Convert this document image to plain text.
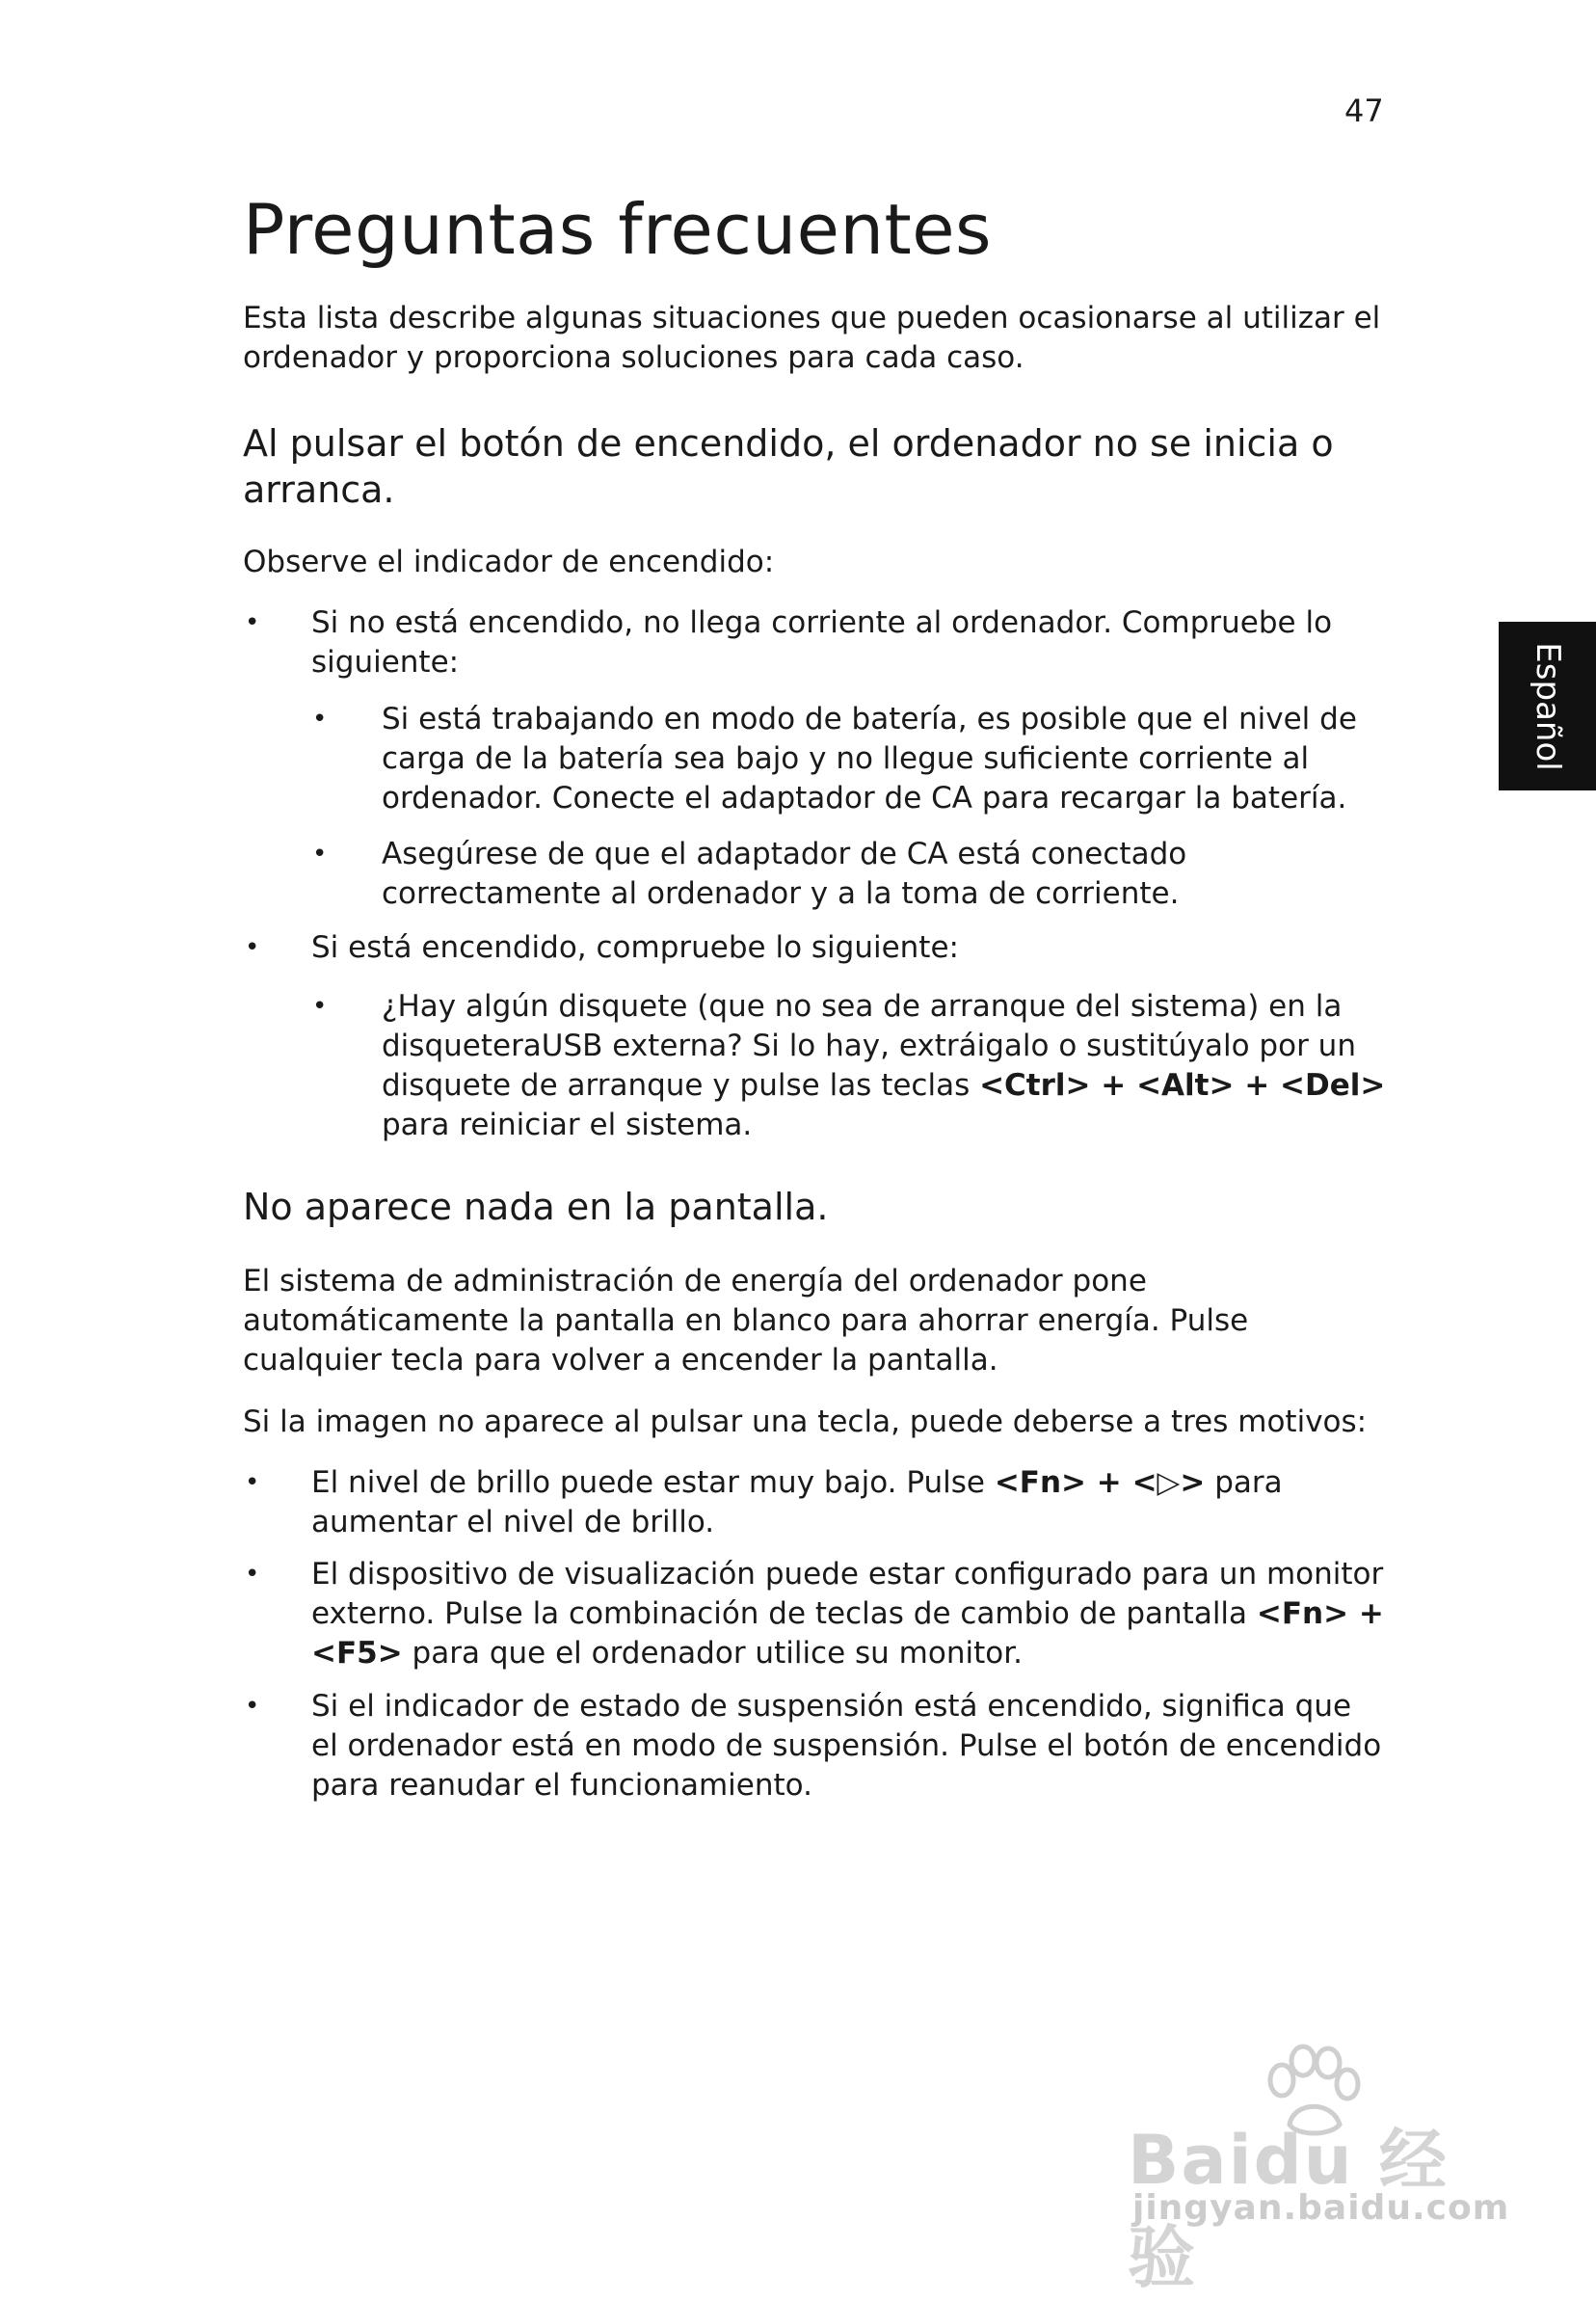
47
Preguntas frecuentes

Esta lista describe algunas situaciones que pueden ocasionarse al utilizar el ordenador y proporciona soluciones para cada caso.

Al pulsar el botón de encendido, el ordenador no se inicia o arranca.

Observe el indicador de encendido:

• Si no está encendido, no llega corriente al ordenador. Compruebe lo siguiente:
• Si está trabajando en modo de batería, es posible que el nivel de carga de la batería sea bajo y no llegue suficiente corriente al ordenador. Conecte el adaptador de CA para recargar la batería.
• Asegúrese de que el adaptador de CA está conectado correctamente al ordenador y a la toma de corriente.
• Si está encendido, compruebe lo siguiente:
• ¿Hay algún disquete (que no sea de arranque del sistema) en la disqueteraUSB externa? Si lo hay, extráigalo o sustitúyalo por un disquete de arranque y pulse las teclas <Ctrl> + <Alt> + <Del> para reiniciar el sistema.
No aparece nada en la pantalla.

El sistema de administración de energía del ordenador pone automáticamente la pantalla en blanco para ahorrar energía. Pulse cualquier tecla para volver a encender la pantalla.

Si la imagen no aparece al pulsar una tecla, puede deberse a tres motivos:

• El nivel de brillo puede estar muy bajo. Pulse <Fn> + <▷> para aumentar el nivel de brillo.
• El dispositivo de visualización puede estar configurado para un monitor externo. Pulse la combinación de teclas de cambio de pantalla <Fn> + <F5> para que el ordenador utilice su monitor.
• Si el indicador de estado de suspensión está encendido, significa que el ordenador está en modo de suspensión. Pulse el botón de encendido para reanudar el funcionamiento.
Español
Baidu 经验
jingyan.baidu.com
